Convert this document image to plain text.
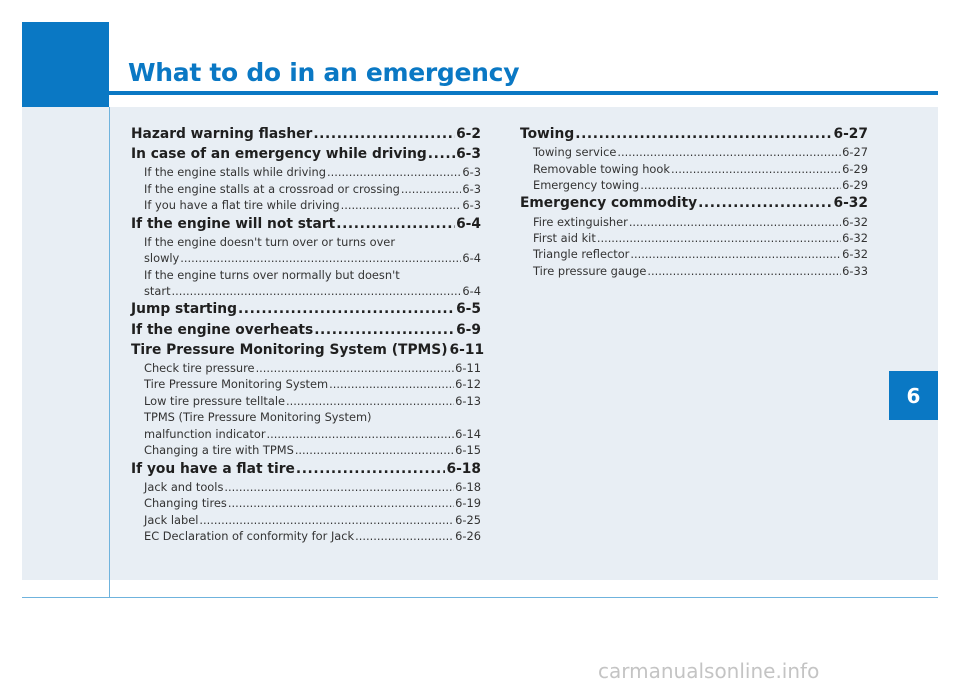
What to do in an emergency
6
Hazard warning flasher .....	6-2
In case of an emergency while driving ..... 6-3
If the engine stalls while driving .....	6-3
If the engine stalls at a crossroad or crossing .....	6-3
If you have a flat tire while driving .....	6-3
If the engine will not start .....	6-4
If the engine doesn't turn over or turns over
slowly .....	6-4
If the engine turns over normally but doesn't
start .....	6-4
Jump starting .....	6-5
If the engine overheats .....	6-9
Tire Pressure Monitoring System (TPMS) 6-11
Check tire pressure .....	6-11
Tire Pressure Monitoring System .....	6-12
Low tire pressure telltale .....	6-13
TPMS (Tire Pressure Monitoring System)
malfunction indicator .....	6-14
Changing a tire with TPMS .....	6-15
If you have a flat tire .....	6-18
Jack and tools .....	6-18
Changing tires .....	6-19
Jack label .....	6-25
EC Declaration of conformity for Jack .....	6-26
Towing .....	6-27
Towing service .....	6-27
Removable towing hook .....	6-29
Emergency towing .....	6-29
Emergency commodity .....	6-32
Fire extinguisher .....	6-32
First aid kit .....	6-32
Triangle reflector .....	6-32
Tire pressure gauge .....	6-33
carmanualsonline.info
